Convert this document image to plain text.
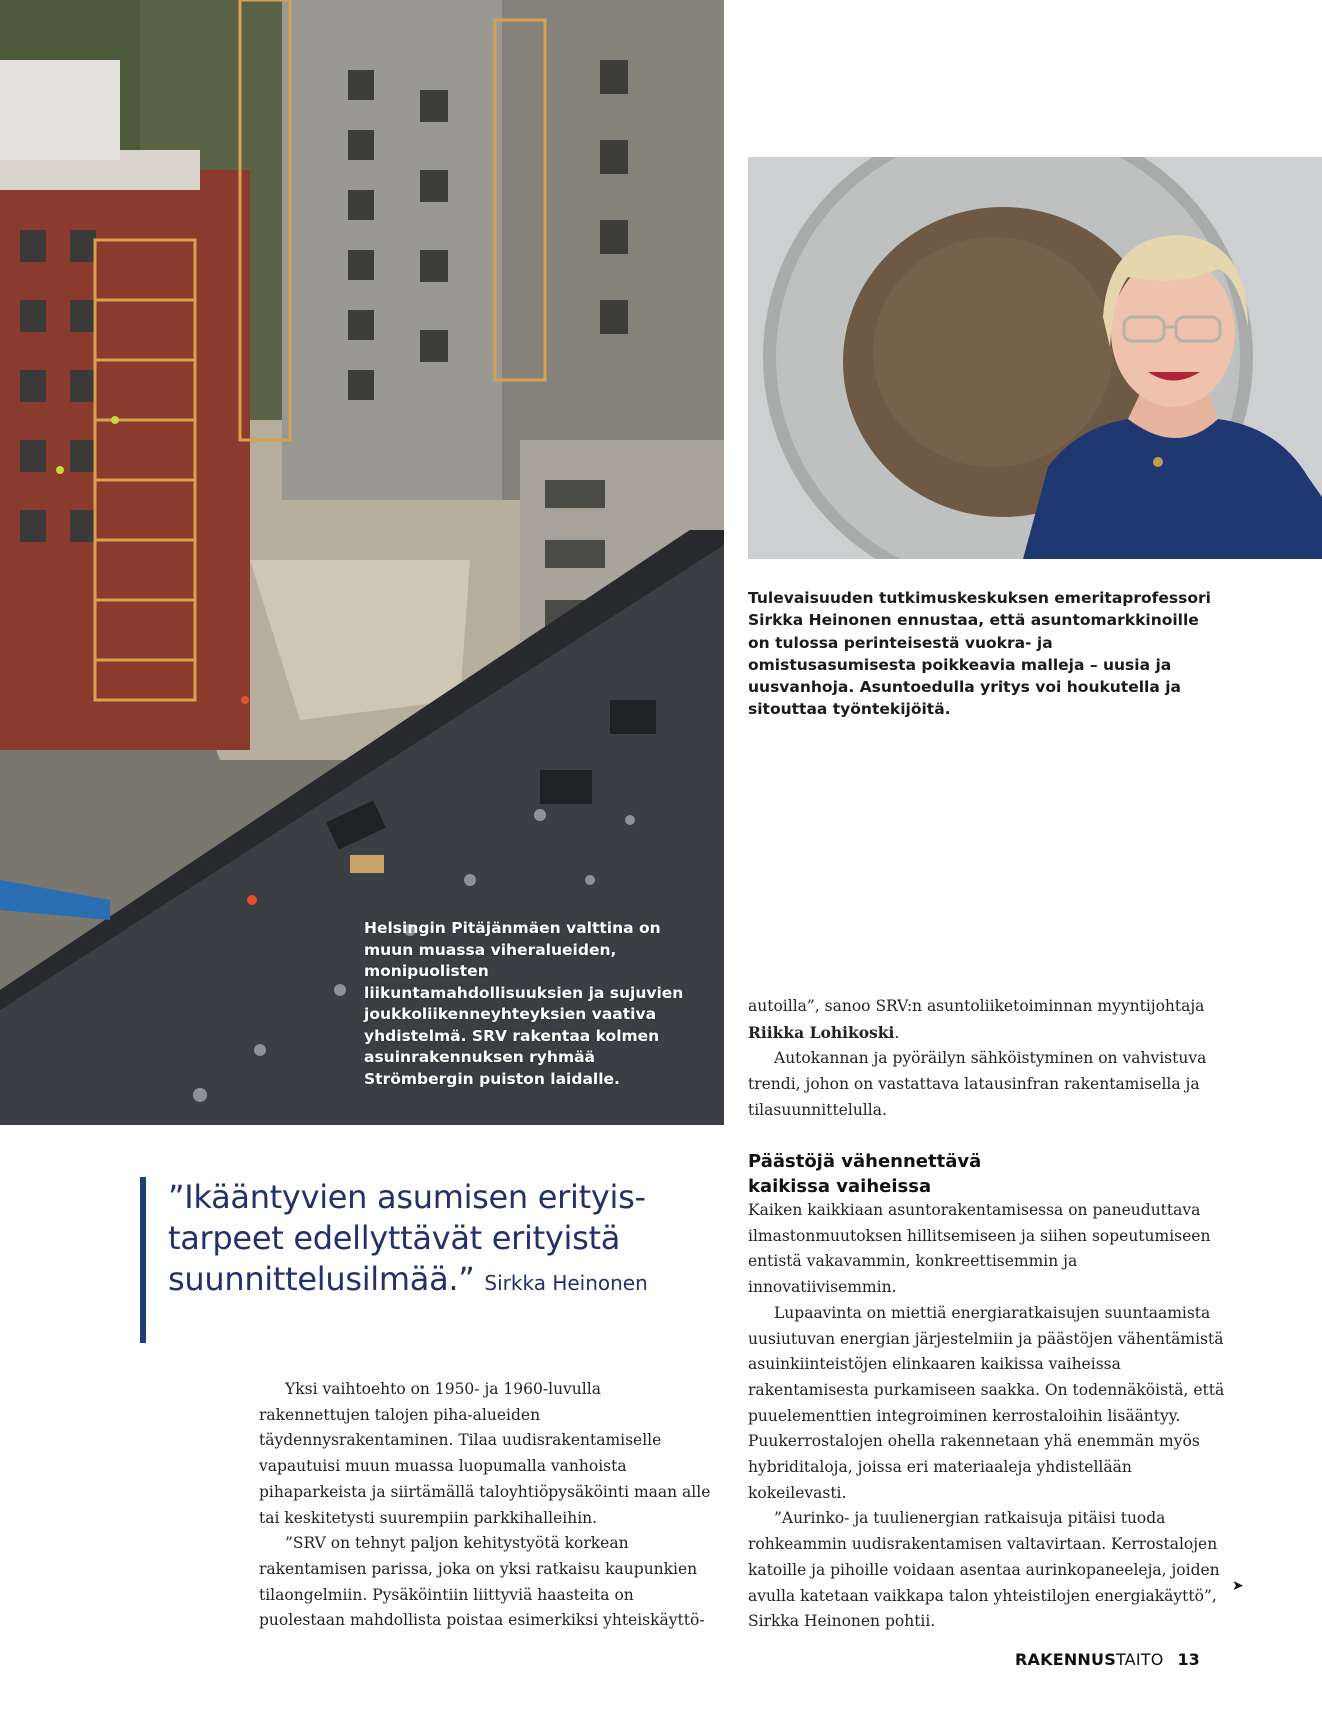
Helsingin Pitäjänmäen valttina on muun muassa viheralueiden, monipuolisten liikuntamahdollisuuksien ja sujuvien joukkoliikenneyhteyksien vaativa yhdistelmä. SRV rakentaa kolmen asuinrakennuksen ryhmää Strömbergin puiston laidalle.
Tulevaisuuden tutkimuskeskuksen emeritaprofessori Sirkka Heinonen ennustaa, että asuntomarkkinoille on tulossa perinteisestä vuokra- ja omistusasumisesta poikkeavia malleja – uusia ja uusvanhoja. Asuntoedulla yritys voi houkutella ja sitouttaa työntekijöitä.
”Ikääntyvien asumisen erityis-
tarpeet edellyttävät erityistä
suunnittelusilmää.” Sirkka Heinonen

Yksi vaihtoehto on 1950- ja 1960-luvulla rakennettujen talojen piha-alueiden täydennysrakentaminen. Tilaa uudisrakentamiselle vapautuisi muun muassa luopumalla vanhoista pihaparkeista ja siirtämällä taloyhtiöpysäköinti maan alle tai keskitetysti suurempiin parkkihalleihin.

”SRV on tehnyt paljon kehitystyötä korkean rakentamisen parissa, joka on yksi ratkaisu kaupunkien tilaongelmiin. Pysäköintiin liittyviä haasteita on puolestaan mahdollista poistaa esimerkiksi yhteiskäyttö-

autoilla”, sanoo SRV:n asuntoliiketoiminnan myyntijohtaja Riikka Lohikoski.

Autokannan ja pyöräilyn sähköistyminen on vahvistuva trendi, johon on vastattava latausinfran rakentamisella ja tilasuunnittelulla.

Päästöjä vähennettävä
kaikissa vaiheissa

Kaiken kaikkiaan asuntorakentamisessa on paneuduttava ilmastonmuutoksen hillitsemiseen ja siihen sopeutumiseen entistä vakavammin, konkreettisemmin ja innovatiivisemmin.

Lupaavinta on miettiä energiaratkaisujen suuntaamista uusiutuvan energian järjestelmiin ja päästöjen vähentämistä asuinkiinteistöjen elinkaaren kaikissa vaiheissa rakentamisesta purkamiseen saakka. On todennäköistä, että puuelementtien integroiminen kerrostaloihin lisääntyy. Puukerrostalojen ohella rakennetaan yhä enemmän myös hybriditaloja, joissa eri materiaaleja yhdistellään kokeilevasti.

”Aurinko- ja tuulienergian ratkaisuja pitäisi tuoda rohkeammin uudisrakentamisen valtavirtaan. Kerrostalojen katoille ja pihoille voidaan asentaa aurinkopaneeleja, joiden avulla katetaan vaikkapa talon yhteistilojen energiakäyttö”, Sirkka Heinonen pohtii.

➤
RAKENNUSTAITO 13
